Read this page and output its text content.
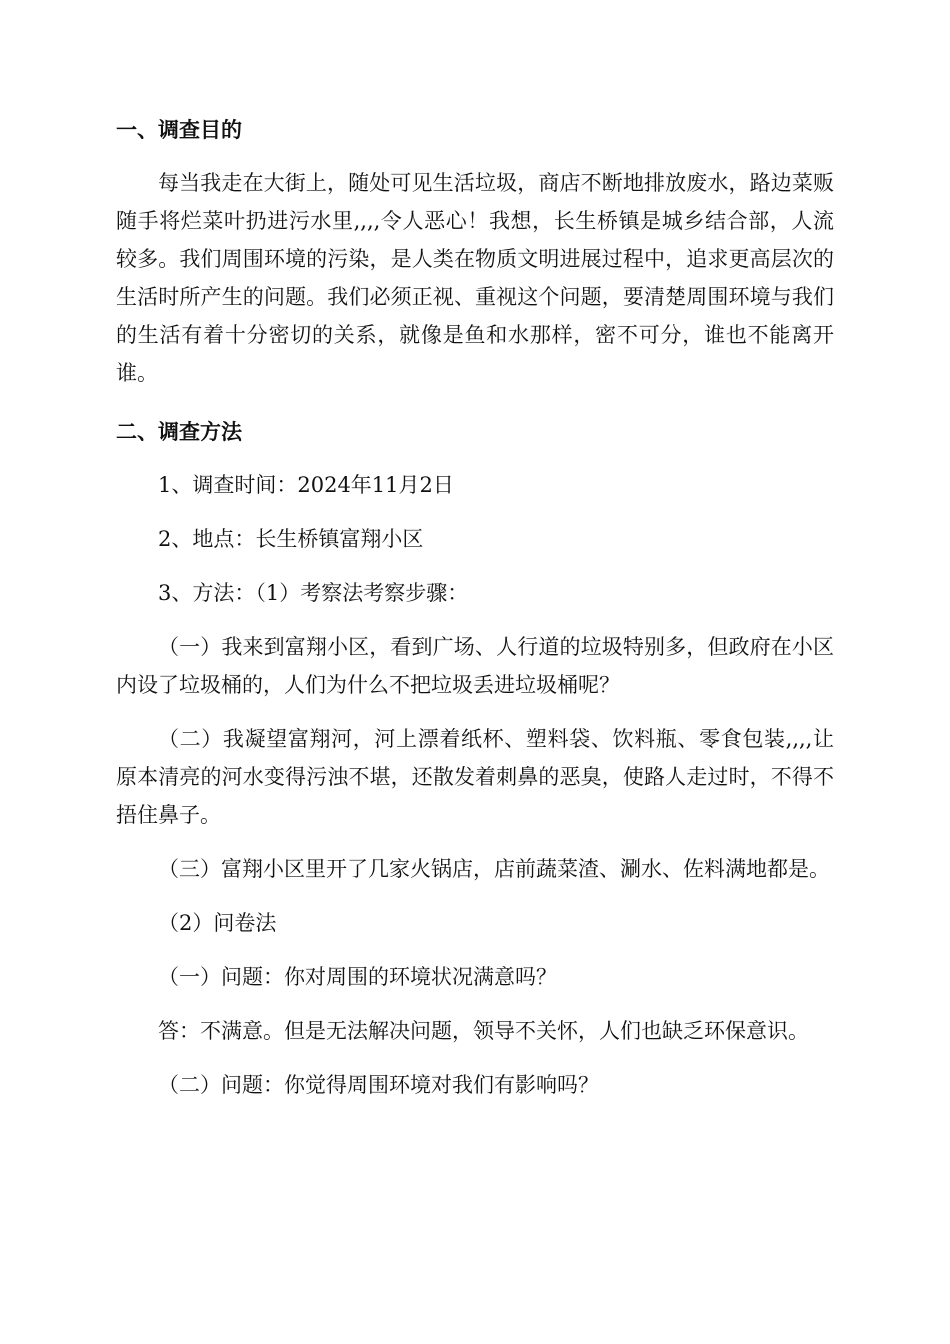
一、调查目的

每当我走在大街上，随处可见生活垃圾，商店不断地排放废水，路边菜贩随手将烂菜叶扔进污水里,,,,令人恶心！我想，长生桥镇是城乡结合部，人流较多。我们周围环境的污染，是人类在物质文明进展过程中，追求更高层次的生活时所产生的问题。我们必须正视、重视这个问题，要清楚周围环境与我们的生活有着十分密切的关系，就像是鱼和水那样，密不可分，谁也不能离开谁。

二、调查方法

1、调查时间：2024年11月2日

2、地点：长生桥镇富翔小区

3、方法：（1）考察法考察步骤：

（一）我来到富翔小区，看到广场、人行道的垃圾特别多，但政府在小区内设了垃圾桶的，人们为什么不把垃圾丢进垃圾桶呢？

（二）我凝望富翔河，河上漂着纸杯、塑料袋、饮料瓶、零食包装,,,,让原本清亮的河水变得污浊不堪，还散发着刺鼻的恶臭，使路人走过时，不得不捂住鼻子。

（三）富翔小区里开了几家火锅店，店前蔬菜渣、涮水、佐料满地都是。

（2）问卷法

（一）问题：你对周围的环境状况满意吗？

答：不满意。但是无法解决问题，领导不关怀，人们也缺乏环保意识。

（二）问题：你觉得周围环境对我们有影响吗？
